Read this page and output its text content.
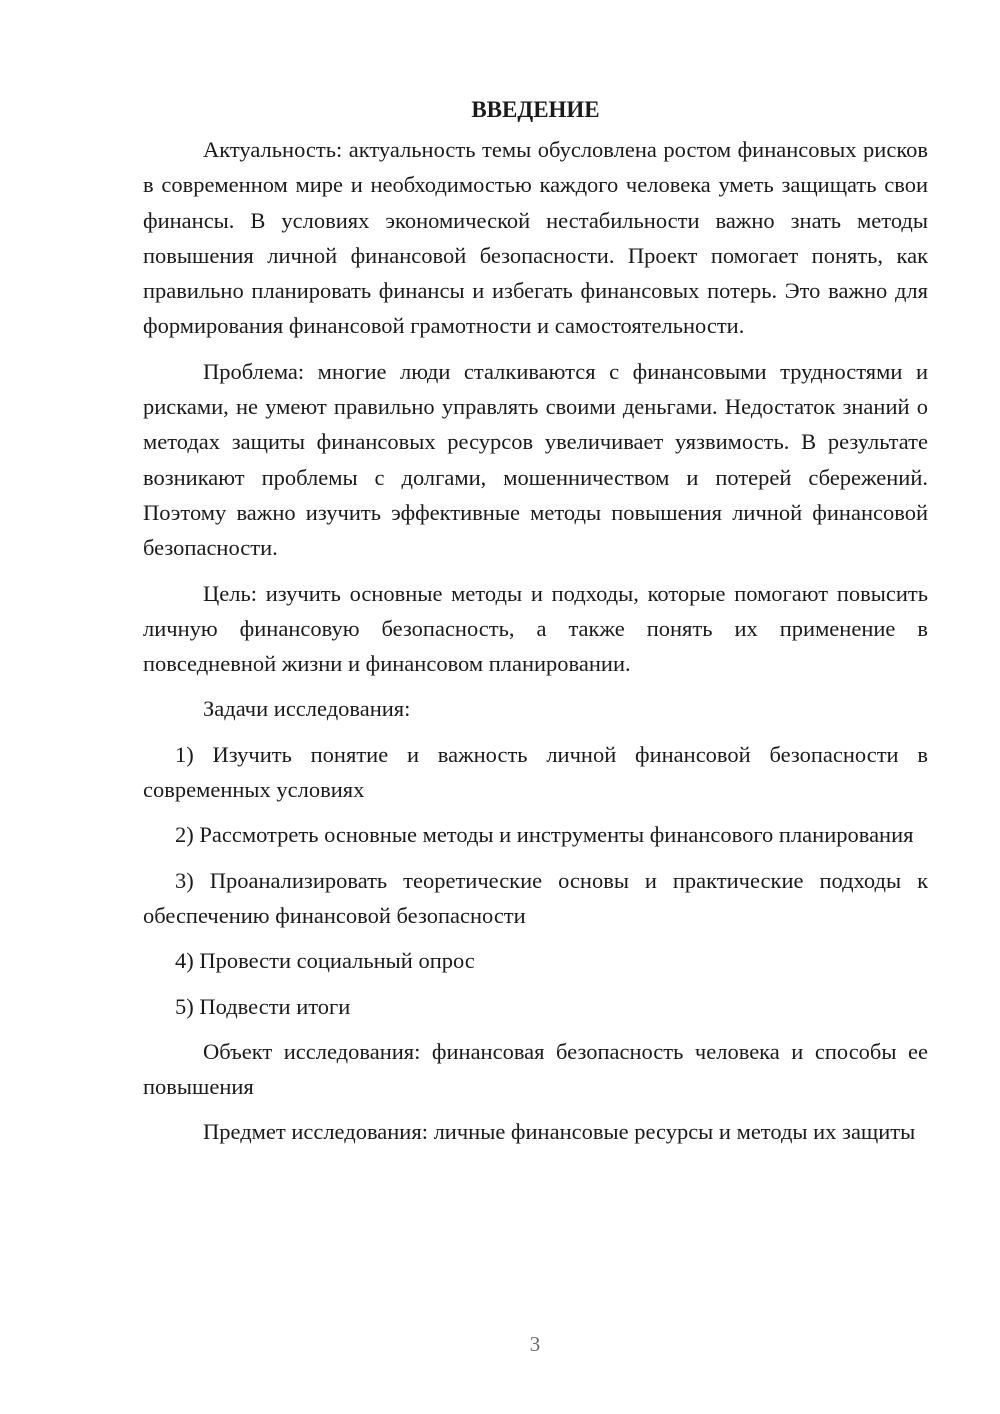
ВВЕДЕНИЕ

Актуальность: актуальность темы обусловлена ростом финансовых рисков в современном мире и необходимостью каждого человека уметь защищать свои финансы. В условиях экономической нестабильности важно знать методы повышения личной финансовой безопасности. Проект помогает понять, как правильно планировать финансы и избегать финансовых потерь. Это важно для формирования финансовой грамотности и самостоятельности.

Проблема: многие люди сталкиваются с финансовыми трудностями и рисками, не умеют правильно управлять своими деньгами. Недостаток знаний о методах защиты финансовых ресурсов увеличивает уязвимость. В результате возникают проблемы с долгами, мошенничеством и потерей сбережений. Поэтому важно изучить эффективные методы повышения личной финансовой безопасности.

Цель: изучить основные методы и подходы, которые помогают повысить личную финансовую безопасность, а также понять их применение в повседневной жизни и финансовом планировании.

Задачи исследования:

1) Изучить понятие и важность личной финансовой безопасности в современных условиях

2) Рассмотреть основные методы и инструменты финансового планирования

3) Проанализировать теоретические основы и практические подходы к обеспечению финансовой безопасности

4) Провести социальный опрос

5) Подвести итоги

Объект исследования: финансовая безопасность человека и способы ее повышения

Предмет исследования: личные финансовые ресурсы и методы их защиты

3
